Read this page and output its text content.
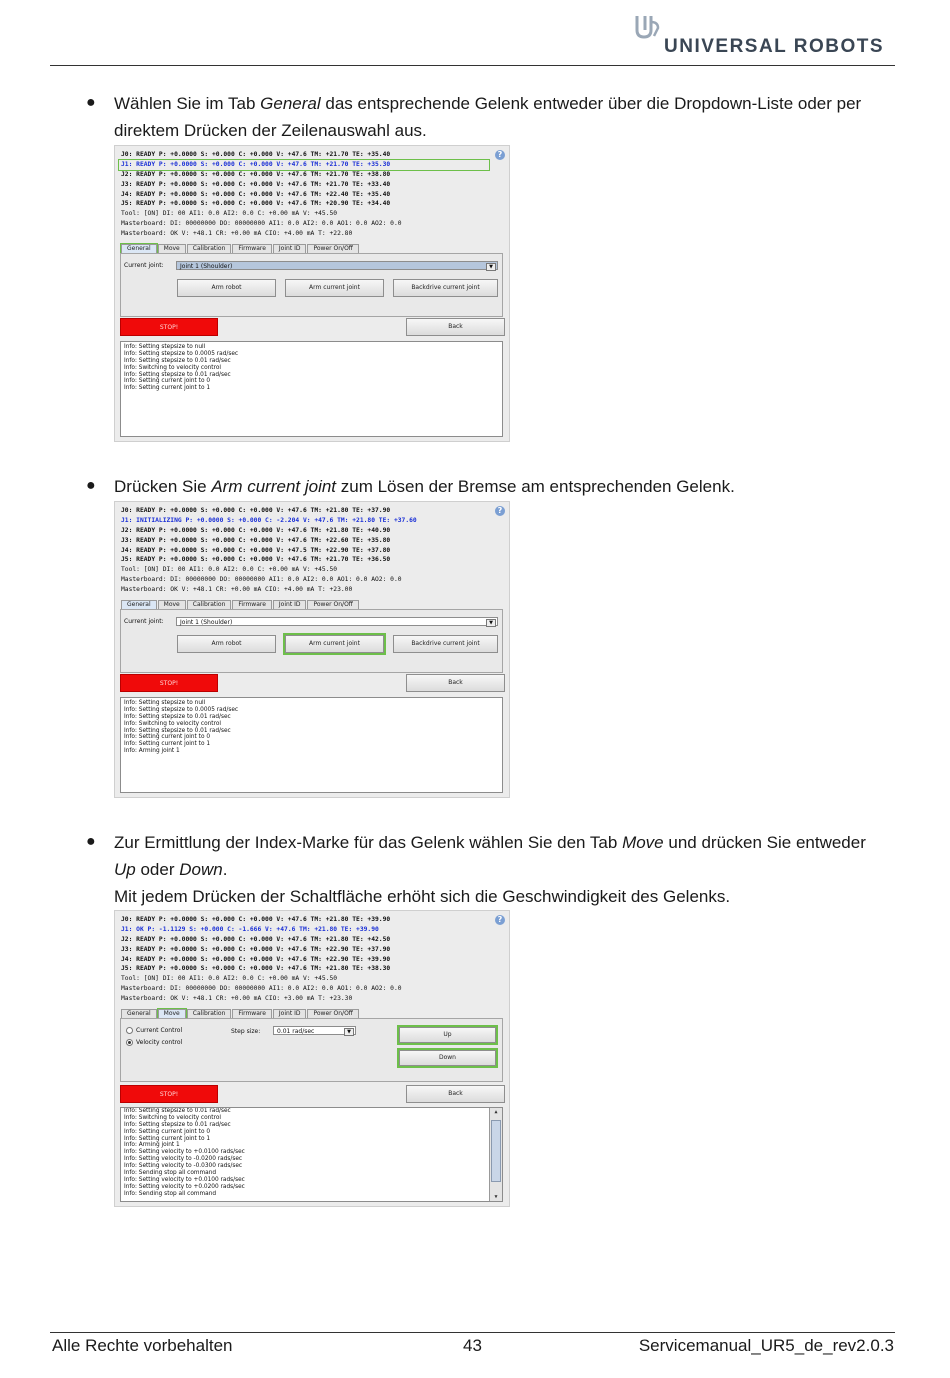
UNIVERSAL ROBOTS
● Wählen Sie im Tab General das entsprechende Gelenk entweder über die Dropdown-Liste oder per direktem Drücken der Zeilenauswahl aus.
?
J0: READY P: +0.0000 S: +0.000 C: +0.000 V: +47.6 TM: +21.70 TE: +35.40
J1: READY P: +0.0000 S: +0.000 C: +0.000 V: +47.6 TM: +21.70 TE: +35.30
J2: READY P: +0.0000 S: +0.000 C: +0.000 V: +47.6 TM: +21.70 TE: +38.80
J3: READY P: +0.0000 S: +0.000 C: +0.000 V: +47.6 TM: +21.70 TE: +33.40
J4: READY P: +0.0000 S: +0.000 C: +0.000 V: +47.6 TM: +22.40 TE: +35.40
J5: READY P: +0.0000 S: +0.000 C: +0.000 V: +47.6 TM: +20.90 TE: +34.40
Tool: [ON] DI: 00 AI1: 0.0 AI2: 0.0 C: +0.00 mA V: +45.50
Masterboard: DI: 00000000 DO: 00000000 AI1: 0.0 AI2: 0.0 AO1: 0.0 AO2: 0.0
Masterboard: OK V: +48.1 CR: +0.00 mA CIO: +4.00 mA T: +22.80
General	Move	Calibration	Firmware	Joint ID	Power On/Off
Current joint:	Joint 1 (Shoulder)	▼
Arm robot	Arm current joint	Backdrive current joint
STOP!	Back
Info: Setting stepsize to null
Info: Setting stepsize to 0.0005 rad/sec
Info: Setting stepsize to 0.01 rad/sec
Info: Switching to velocity control
Info: Setting stepsize to 0.01 rad/sec
Info: Setting current joint to 0
Info: Setting current joint to 1
● Drücken Sie Arm current joint zum Lösen der Bremse am entsprechenden Gelenk.
?
J0: READY P: +0.0000 S: +0.000 C: +0.000 V: +47.6 TM: +21.80 TE: +37.90
J1: INITIALIZING P: +0.0000 S: +0.000 C: -2.204 V: +47.6 TM: +21.80 TE: +37.60
J2: READY P: +0.0000 S: +0.000 C: +0.000 V: +47.6 TM: +21.80 TE: +40.90
J3: READY P: +0.0000 S: +0.000 C: +0.000 V: +47.6 TM: +22.60 TE: +35.80
J4: READY P: +0.0000 S: +0.000 C: +0.000 V: +47.5 TM: +22.90 TE: +37.80
J5: READY P: +0.0000 S: +0.000 C: +0.000 V: +47.6 TM: +21.70 TE: +36.50
Tool: [ON] DI: 00 AI1: 0.0 AI2: 0.0 C: +0.00 mA V: +45.50
Masterboard: DI: 00000000 DO: 00000000 AI1: 0.0 AI2: 0.0 AO1: 0.0 AO2: 0.0
Masterboard: OK V: +48.1 CR: +0.00 mA CIO: +4.00 mA T: +23.00
General	Move	Calibration	Firmware	Joint ID	Power On/Off
Current joint:	Joint 1 (Shoulder)	▼
Arm robot	Arm current joint	Backdrive current joint
STOP!	Back
Info: Setting stepsize to null
Info: Setting stepsize to 0.0005 rad/sec
Info: Setting stepsize to 0.01 rad/sec
Info: Switching to velocity control
Info: Setting stepsize to 0.01 rad/sec
Info: Setting current joint to 0
Info: Setting current joint to 1
Info: Arming joint 1
● Zur Ermittlung der Index-Marke für das Gelenk wählen Sie den Tab Move und drücken Sie entweder
Up oder Down.
Mit jedem Drücken der Schaltfläche erhöht sich die Geschwindigkeit des Gelenks.
?
J0: READY P: +0.0000 S: +0.000 C: +0.000 V: +47.6 TM: +21.80 TE: +39.90
J1: OK P: -1.1129 S: +0.000 C: -1.666 V: +47.6 TM: +21.80 TE: +39.90
J2: READY P: +0.0000 S: +0.000 C: +0.000 V: +47.6 TM: +21.80 TE: +42.50
J3: READY P: +0.0000 S: +0.000 C: +0.000 V: +47.6 TM: +22.90 TE: +37.90
J4: READY P: +0.0000 S: +0.000 C: +0.000 V: +47.6 TM: +22.90 TE: +39.90
J5: READY P: +0.0000 S: +0.000 C: +0.000 V: +47.6 TM: +21.80 TE: +38.30
Tool: [ON] DI: 00 AI1: 0.0 AI2: 0.0 C: +0.00 mA V: +45.50
Masterboard: DI: 00000000 DO: 00000000 AI1: 0.0 AI2: 0.0 AO1: 0.0 AO2: 0.0
Masterboard: OK V: +48.1 CR: +0.00 mA CIO: +3.00 mA T: +23.30
General	Move	Calibration	Firmware	Joint ID	Power On/Off
Current Control
Velocity control
Step size:	0.01 rad/sec	▼	Up
Down
STOP!	Back
Info: Setting stepsize to 0.01 rad/sec
Info: Switching to velocity control
Info: Setting stepsize to 0.01 rad/sec
Info: Setting current joint to 0
Info: Setting current joint to 1
Info: Arming joint 1
Info: Setting velocity to +0.0100 rads/sec
Info: Setting velocity to -0.0200 rads/sec
Info: Setting velocity to -0.0300 rads/sec
Info: Sending stop all command
Info: Setting velocity to +0.0100 rads/sec
Info: Setting velocity to +0.0200 rads/sec
Info: Sending stop all command
▲
▼
Alle Rechte vorbehalten	43	Servicemanual_UR5_de_rev2.0.3
